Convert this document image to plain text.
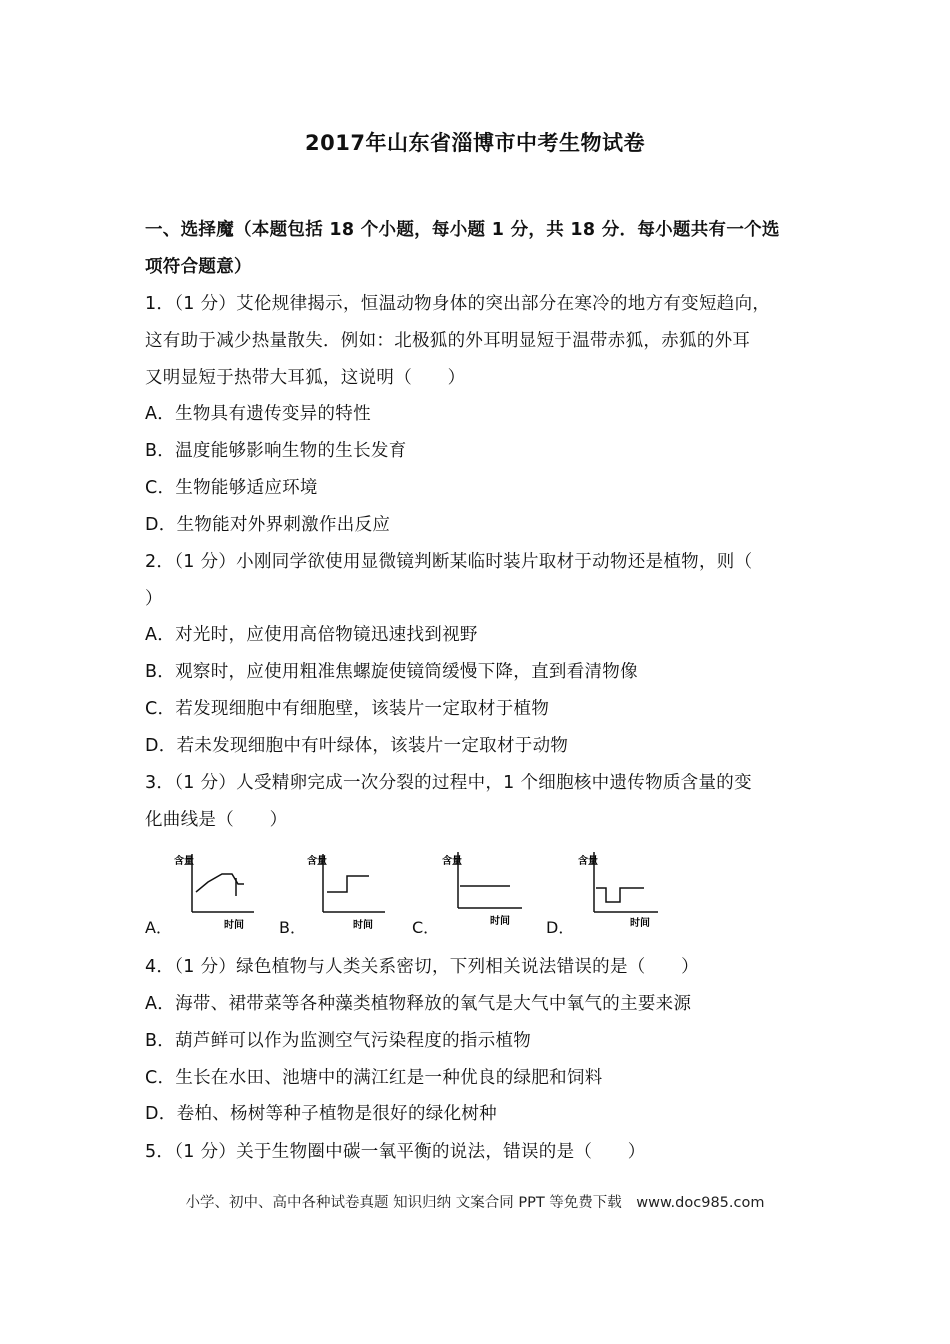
2017年山东省淄博市中考生物试卷
一、选择魔（本题包括 18 个小题，每小题 1 分，共 18 分．每小题共有一个选
项符合题意）
1．（1 分）艾伦规律揭示，恒温动物身体的突出部分在寒冷的地方有变短趋向，
这有助于减少热量散失．例如：北极狐的外耳明显短于温带赤狐，赤狐的外耳
又明显短于热带大耳狐，这说明（　　）
A．生物具有遗传变异的特性
B．温度能够影响生物的生长发育
C．生物能够适应环境
D．生物能对外界刺激作出反应
2．（1 分）小刚同学欲使用显微镜判断某临时装片取材于动物还是植物，则（
）
A．对光时，应使用高倍物镜迅速找到视野
B．观察时，应使用粗准焦螺旋使镜筒缓慢下降，直到看清物像
C．若发现细胞中有细胞壁，该装片一定取材于植物
D．若未发现细胞中有叶绿体，该装片一定取材于动物
3．（1 分）人受精卵完成一次分裂的过程中，1 个细胞核中遗传物质含量的变
化曲线是（　　）
A．
含量
时间 B．
含量
时间 C．
含量
时间 D．
含量
时间
4．（1 分）绿色植物与人类关系密切，下列相关说法错误的是（　　）
A．海带、裙带菜等各种藻类植物释放的氧气是大气中氧气的主要来源
B．葫芦鲜可以作为监测空气污染程度的指示植物
C．生长在水田、池塘中的满江红是一种优良的绿肥和饲料
D．卷柏、杨树等种子植物是很好的绿化树种
5．（1 分）关于生物圈中碳一氧平衡的说法，错误的是（　　）
小学、初中、高中各种试卷真题 知识归纳 文案合同 PPT 等免费下载　www.doc985.com
